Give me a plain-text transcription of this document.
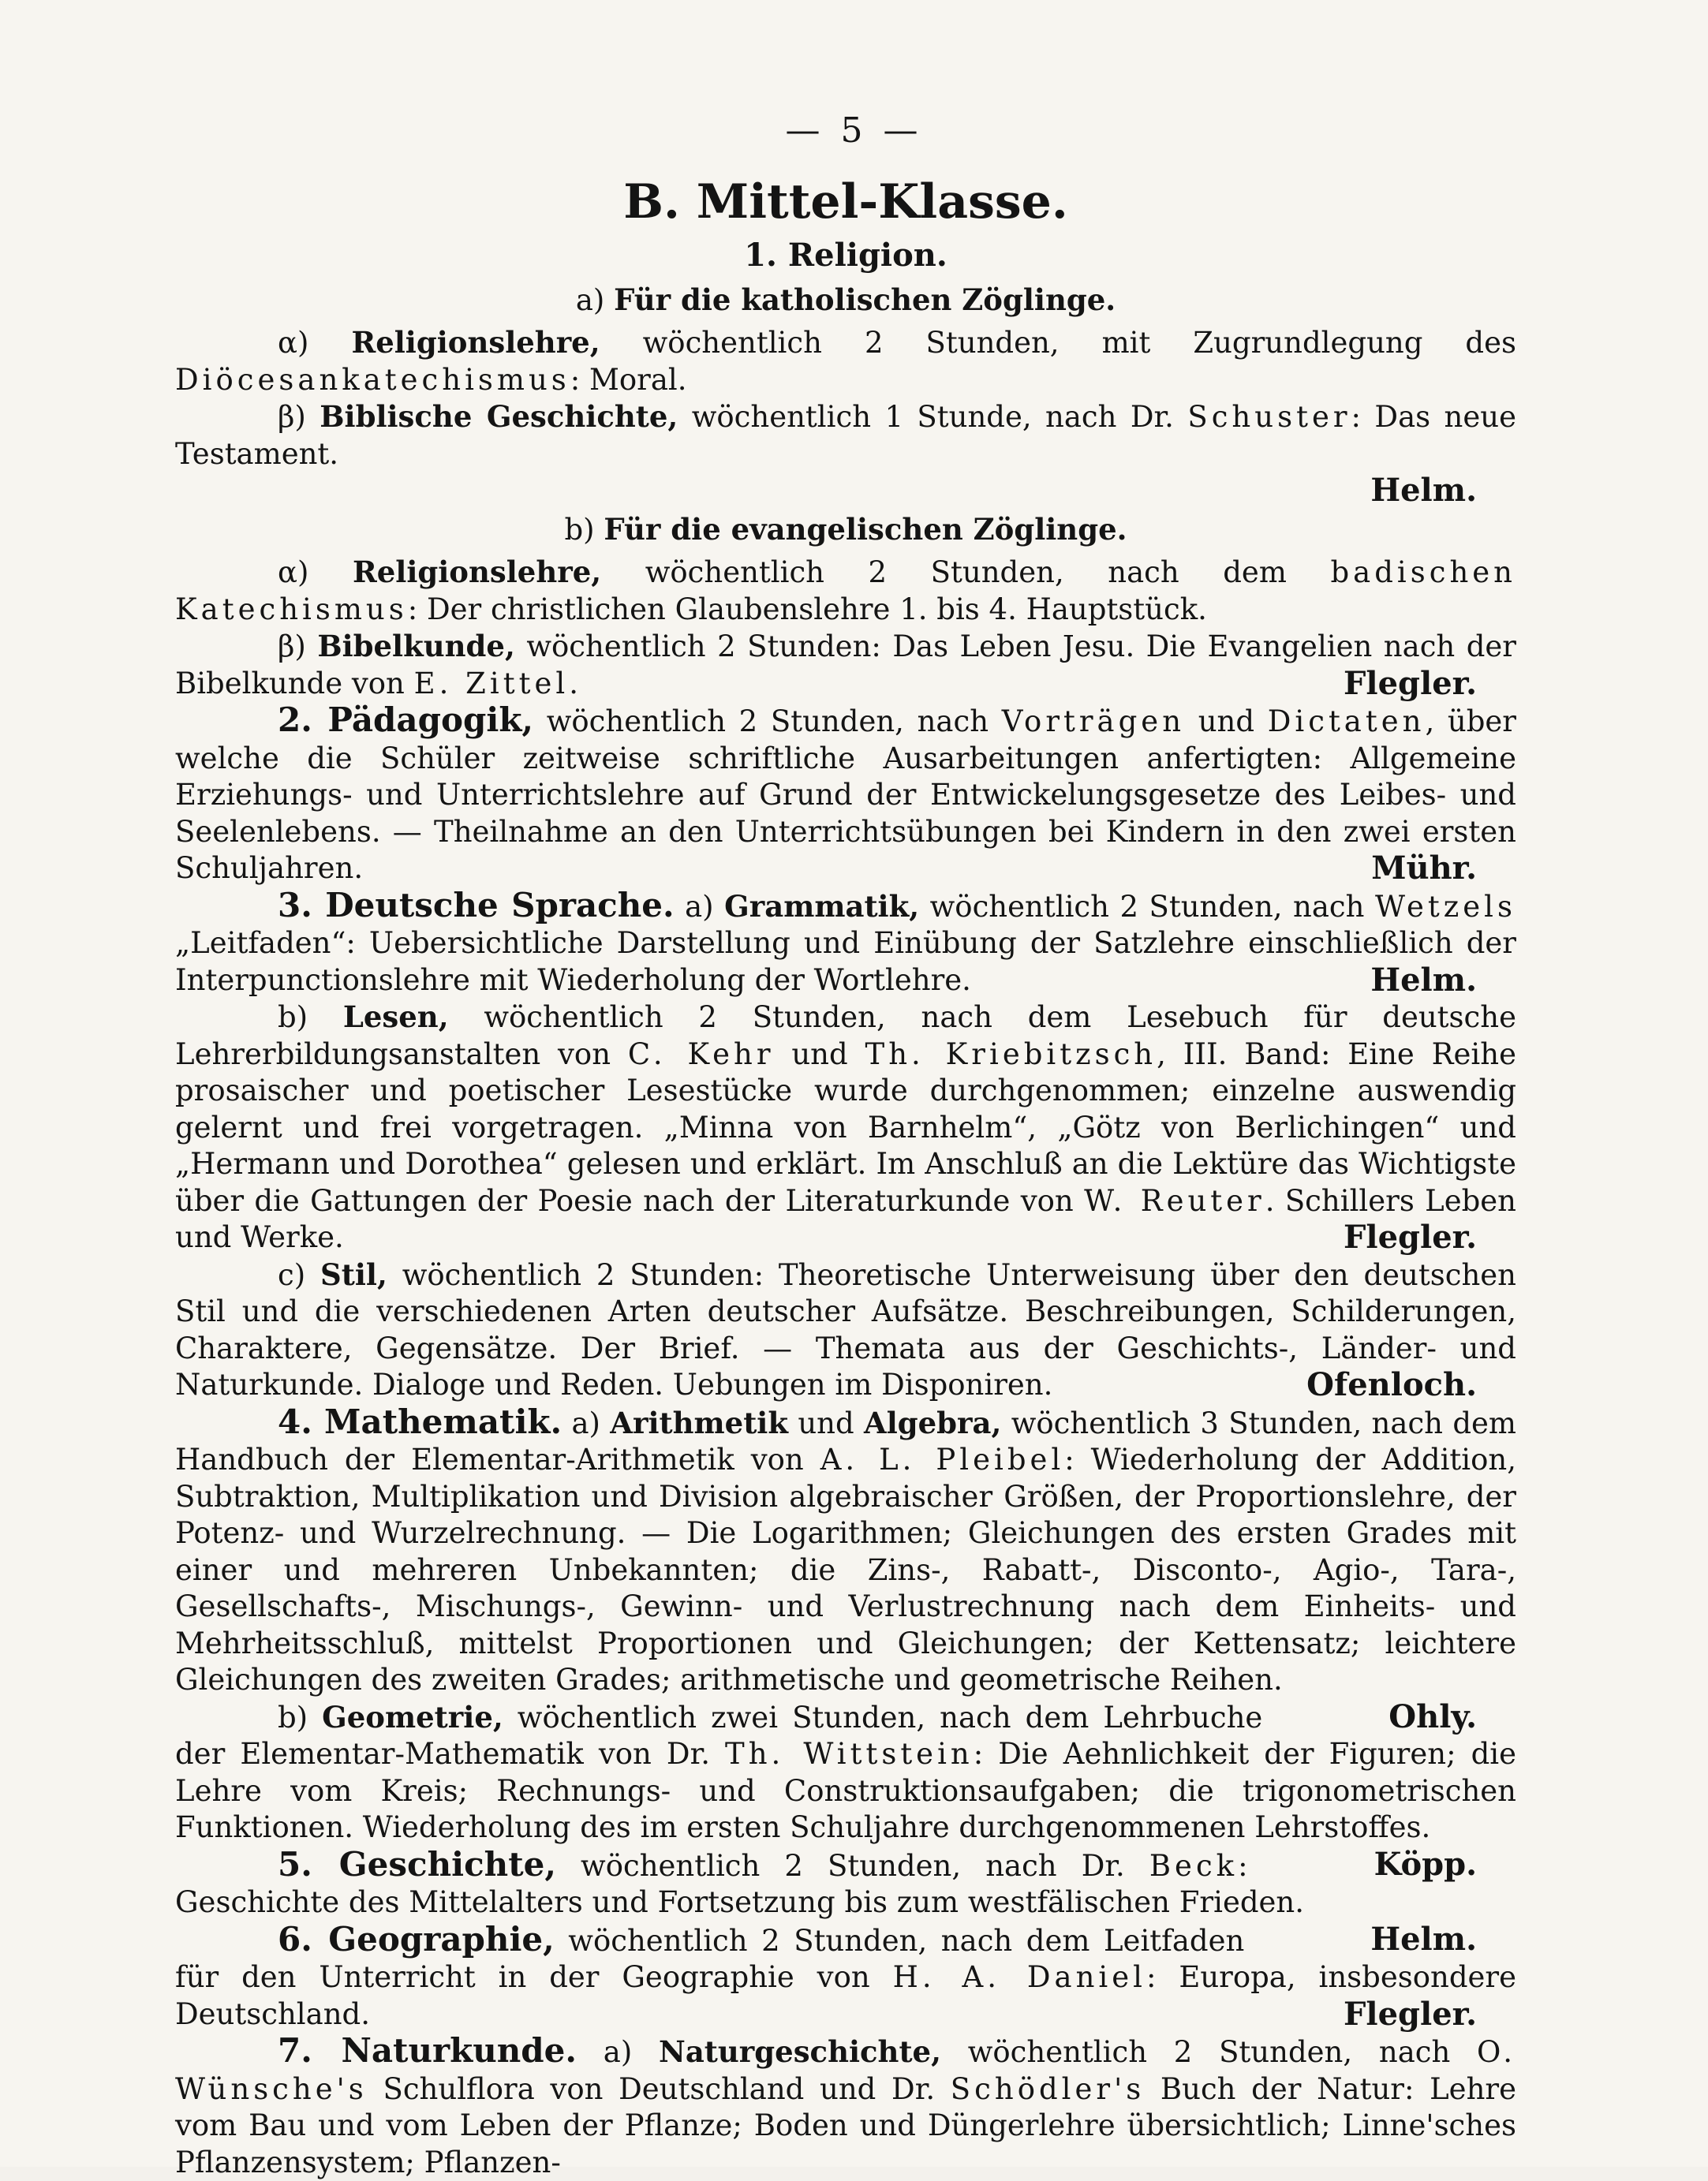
— 5 —
B. Mittel-Klasse.
1. Religion.
a) Für die katholischen Zöglinge.

α) Religionslehre, wöchentlich 2 Stunden, mit Zugrundlegung des Diöcesankatechismus: Moral.

β) Biblische Geschichte, wöchentlich 1 Stunde, nach Dr. Schuster: Das neue Testament.

Helm.
b) Für die evangelischen Zöglinge.

α) Religionslehre, wöchentlich 2 Stunden, nach dem badischen Katechismus: Der christlichen Glaubenslehre 1. bis 4. Hauptstück.

β) Bibelkunde, wöchentlich 2 Stunden: Das Leben Jesu. Die Evangelien nach der Bibelkunde von E. Zittel.	Flegler.

2. Pädagogik, wöchentlich 2 Stunden, nach Vorträgen und Dictaten, über welche die Schüler zeitweise schriftliche Ausarbeitungen anfertigten: Allgemeine Erziehungs- und Unterrichtslehre auf Grund der Entwickelungsgesetze des Leibes- und Seelenlebens. — Theilnahme an den Unterrichtsübungen bei Kindern in den zwei ersten Schuljahren.	Mühr.

3. Deutsche Sprache. a) Grammatik, wöchentlich 2 Stunden, nach Wetzels „Leitfaden“: Uebersichtliche Darstellung und Einübung der Satzlehre einschließlich der Interpunctionslehre mit Wiederholung der Wortlehre.	Helm.

b) Lesen, wöchentlich 2 Stunden, nach dem Lesebuch für deutsche Lehrerbildungsanstalten von C. Kehr und Th. Kriebitzsch, III. Band: Eine Reihe prosaischer und poetischer Lesestücke wurde durchgenommen; einzelne auswendig gelernt und frei vorgetragen. „Minna von Barnhelm“, „Götz von Berlichingen“ und „Hermann und Dorothea“ gelesen und erklärt. Im Anschluß an die Lektüre das Wichtigste über die Gattungen der Poesie nach der Literaturkunde von W. Reuter. Schillers Leben und Werke.	Flegler.

c) Stil, wöchentlich 2 Stunden: Theoretische Unterweisung über den deutschen Stil und die verschiedenen Arten deutscher Aufsätze. Beschreibungen, Schilderungen, Charaktere, Gegensätze. Der Brief. — Themata aus der Geschichts-, Länder- und Naturkunde. Dialoge und Reden. Uebungen im Disponiren.	Ofenloch.

4. Mathematik. a) Arithmetik und Algebra, wöchentlich 3 Stunden, nach dem Handbuch der Elementar-Arithmetik von A. L. Pleibel: Wiederholung der Addition, Subtraktion, Multiplikation und Division algebraischer Größen, der Proportionslehre, der Potenz- und Wurzelrechnung. — Die Logarithmen; Gleichungen des ersten Grades mit einer und mehreren Unbekannten; die Zins-, Rabatt-, Disconto-, Agio-, Tara-, Gesellschafts-, Mischungs-, Gewinn- und Verlustrechnung nach dem Einheits- und Mehrheitsschluß, mittelst Proportionen und Gleichungen; der Kettensatz; leichtere Gleichungen des zweiten Grades; arithmetische und geometrische Reihen.
Ohly.

b) Geometrie, wöchentlich zwei Stunden, nach dem Lehrbuche der Elementar-Mathematik von Dr. Th. Wittstein: Die Aehnlichkeit der Figuren; die Lehre vom Kreis; Rechnungs- und Construktionsaufgaben; die trigonometrischen Funktionen. Wiederholung des im ersten Schuljahre durchgenommenen Lehrstoffes.
Köpp.

5. Geschichte, wöchentlich 2 Stunden, nach Dr. Beck: Geschichte des Mittelalters und Fortsetzung bis zum westfälischen Frieden.
Helm.

6. Geographie, wöchentlich 2 Stunden, nach dem Leitfaden für den Unterricht in der Geographie von H. A. Daniel: Europa, insbesondere Deutschland.	Flegler.

7. Naturkunde. a) Naturgeschichte, wöchentlich 2 Stunden, nach O. Wünsche's Schulflora von Deutschland und Dr. Schödler's Buch der Natur: Lehre vom Bau und vom Leben der Pflanze; Boden und Düngerlehre übersichtlich; Linne'sches Pflanzensystem; Pflanzen-
